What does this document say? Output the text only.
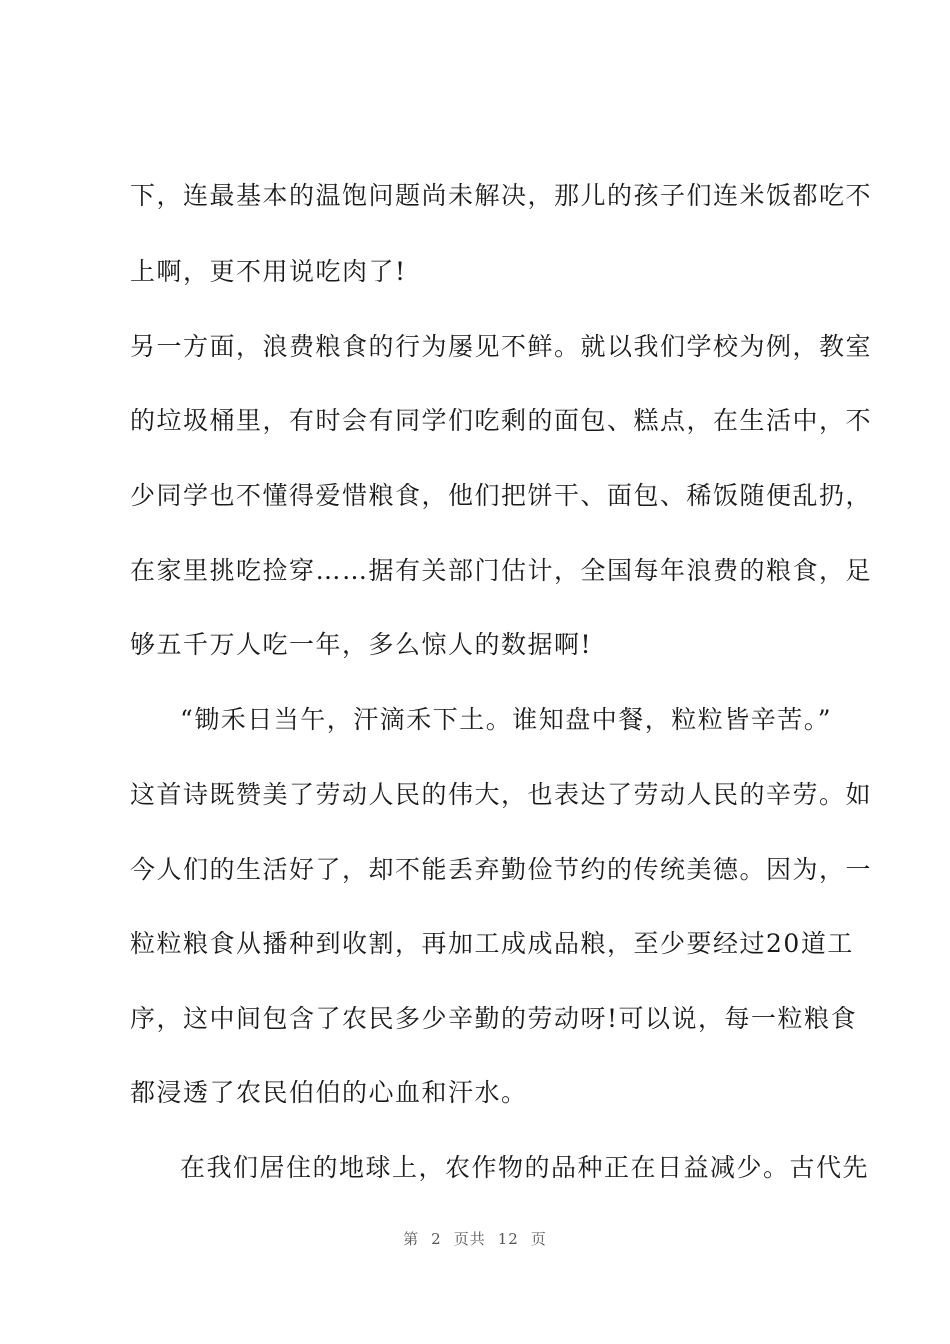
下，连最基本的温饱问题尚未解决，那儿的孩子们连米饭都吃不
上啊，更不用说吃肉了!
另一方面，浪费粮食的行为屡见不鲜。就以我们学校为例，教室
的垃圾桶里，有时会有同学们吃剩的面包、糕点，在生活中，不
少同学也不懂得爱惜粮食，他们把饼干、面包、稀饭随便乱扔，
在家里挑吃捡穿……据有关部门估计，全国每年浪费的粮食，足
够五千万人吃一年，多么惊人的数据啊!
“锄禾日当午，汗滴禾下土。谁知盘中餐，粒粒皆辛苦。”
这首诗既赞美了劳动人民的伟大，也表达了劳动人民的辛劳。如
今人们的生活好了，却不能丢弃勤俭节约的传统美德。因为，一
粒粒粮食从播种到收割，再加工成成品粮，至少要经过20道工
序，这中间包含了农民多少辛勤的劳动呀!可以说，每一粒粮食
都浸透了农民伯伯的心血和汗水。
在我们居住的地球上，农作物的品种正在日益减少。古代先
第 2 页共 12 页
